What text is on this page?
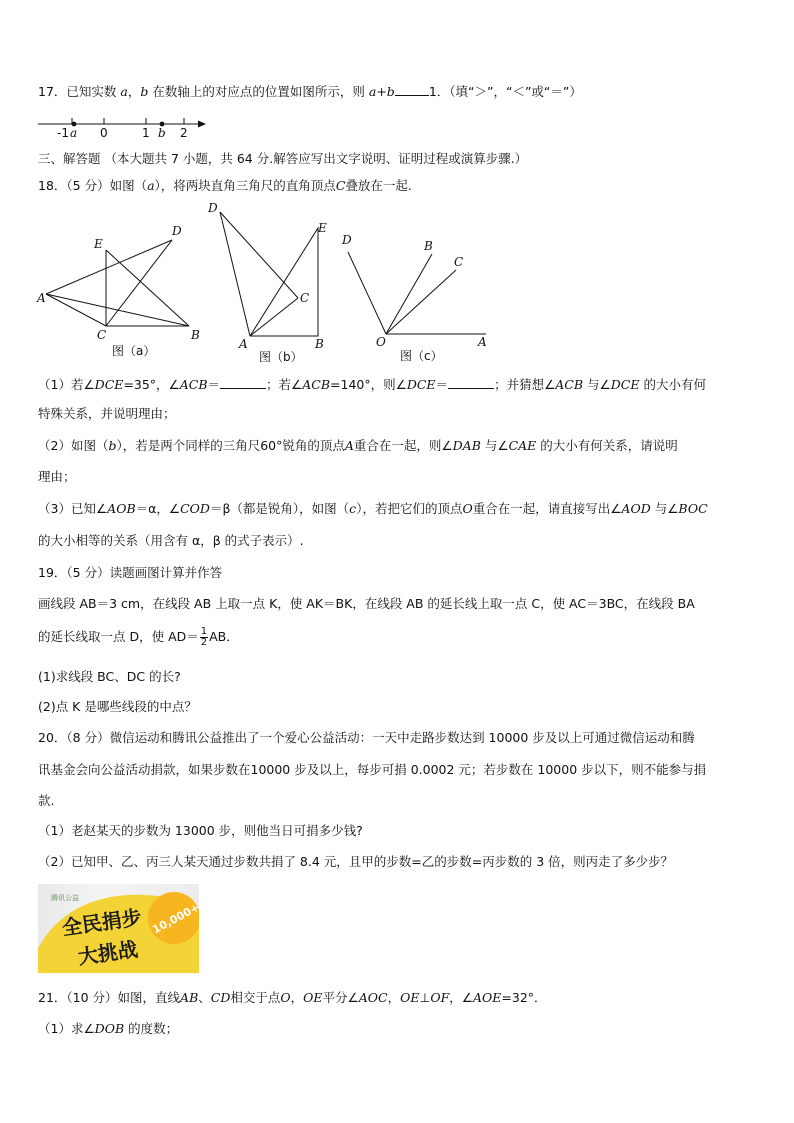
17．已知实数 a，b 在数轴上的对应点的位置如图所示，则 a+b	1．（填“＞”，“＜”或“＝”）
-1 a 0	1 b 2
三、解答题 （本大题共 7 小题，共 64 分.解答应写出文字说明、证明过程或演算步骤.）
18．（5 分）如图（a），将两块直角三角尺的直角顶点C叠放在一起.
E
D
A
C	B
图（a）
D
E
C
A	B
图（b）
D	B
C
O	A
图（c）
（1）若∠DCE=35°，∠ACB＝	；若∠ACB=140°，则∠DCE＝	；并猜想∠ACB 与∠DCE 的大小有何
特殊关系，并说明理由；
（2）如图（b），若是两个同样的三角尺60°锐角的顶点A重合在一起，则∠DAB 与∠CAE 的大小有何关系，请说明
理由；
（3）已知∠AOB＝α，∠COD＝β（都是锐角），如图（c），若把它们的顶点O重合在一起，请直接写出∠AOD 与∠BOC
的大小相等的关系（用含有 α，β 的式子表示）.
19．（5 分）读题画图计算并作答
画线段 AB＝3 cm，在线段 AB 上取一点 K，使 AK＝BK，在线段 AB 的延长线上取一点 C，使 AC＝3BC，在线段 BA
的延长线取一点 D，使 $AD= \frac{1}{2}$ AB．
(1)求线段 BC、DC 的长?
(2)点 K 是哪些线段的中点？
20．（8 分）微信运动和腾讯公益推出了一个爱心公益活动：一天中走路步数达到 10000 步及以上可通过微信运动和腾
讯基金会向公益活动捐款，如果步数在10000 步及以上，每步可捐 0.0002 元；若步数在 10000 步以下，则不能参与捐
款.
（1）老赵某天的步数为 13000 步，则他当日可捐多少钱?
（2）已知甲、乙、丙三人某天通过步数共捐了 8.4 元，且甲的步数=乙的步数=丙步数的 3 倍，则丙走了多少步？
腾讯公益
10,000+
全民捐步
大挑战
21．（10 分）如图，直线AB、CD相交于点O，OE平分∠AOC，OE⊥OF，∠AOE=32°．
（1）求∠DOB 的度数；
